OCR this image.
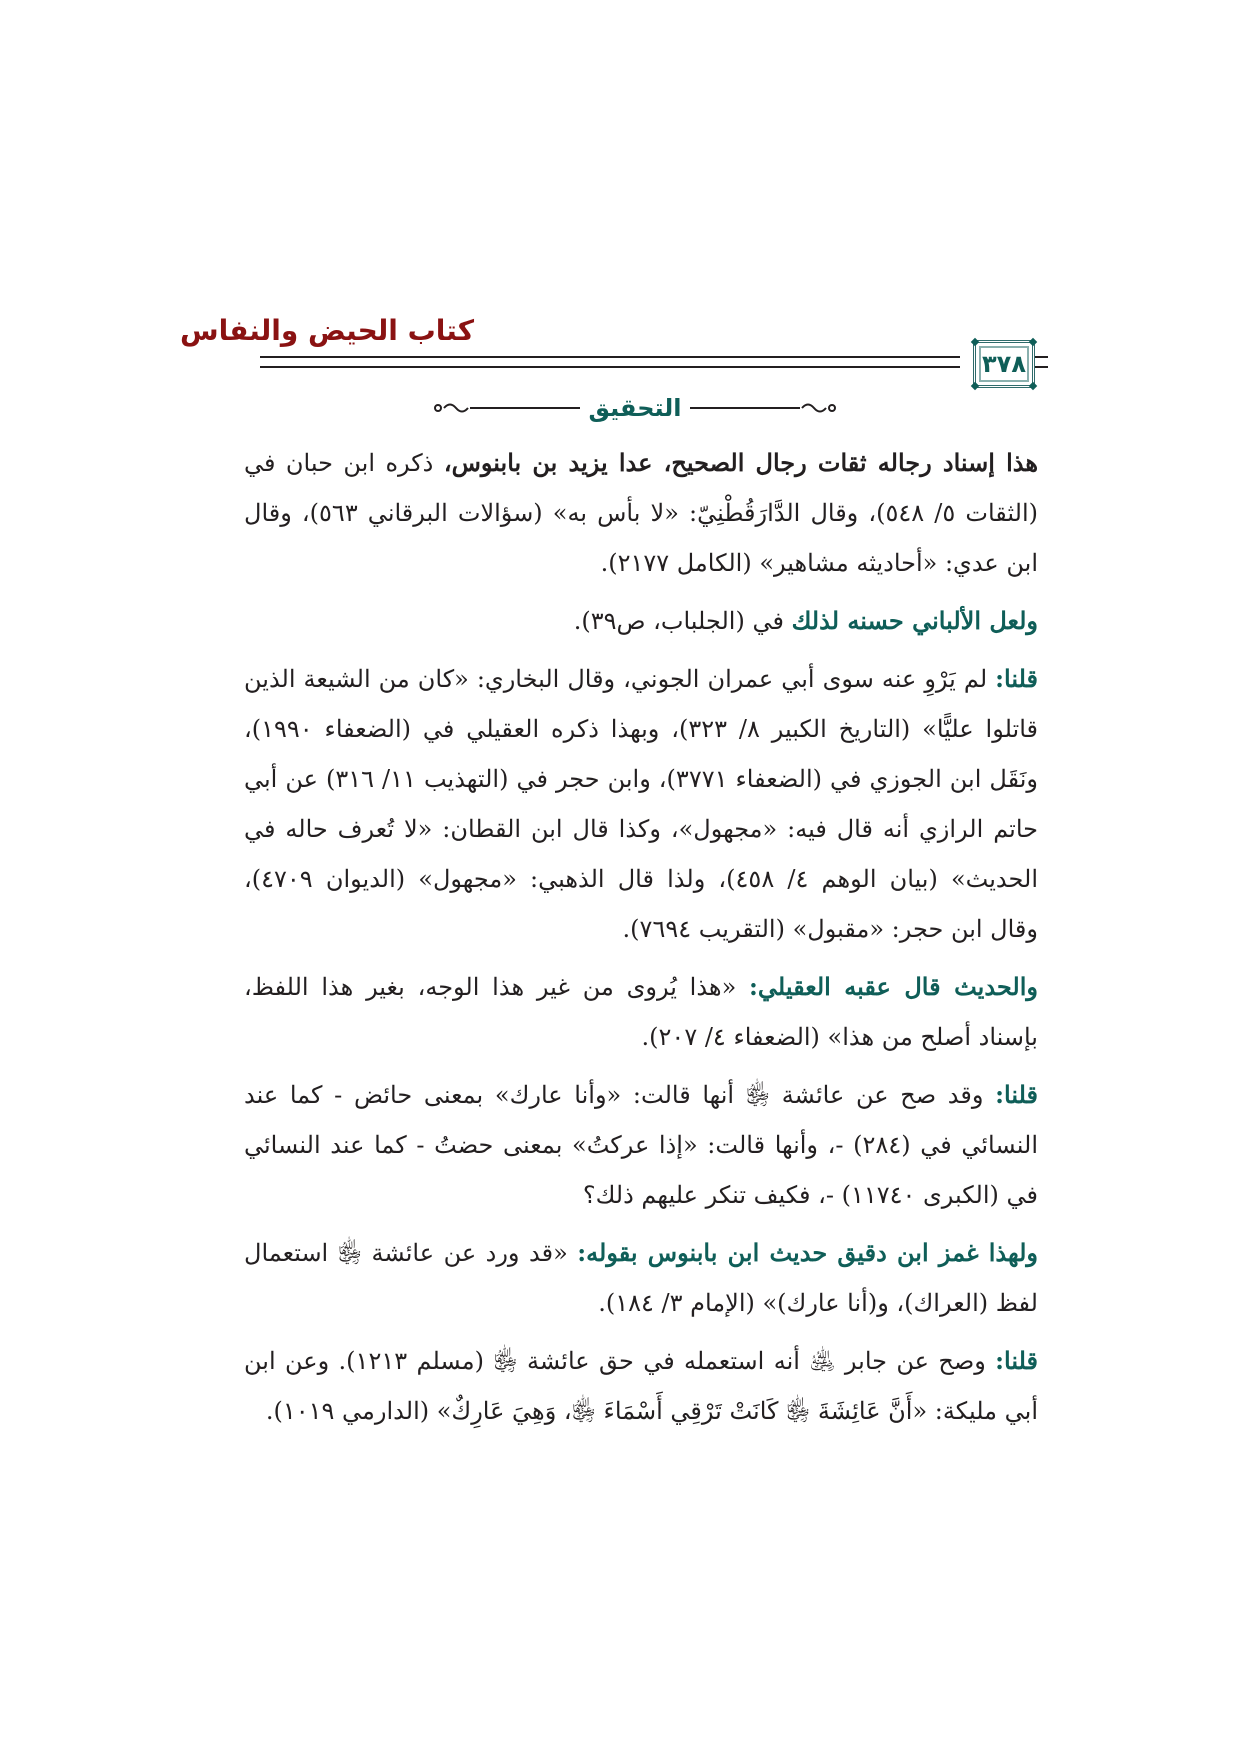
كتاب الحيض والنفاس
٣٧٨
التحقيق

هذا إسناد رجاله ثقات رجال الصحيح، عدا يزيد بن بابنوس، ذكره ابن حبان في (الثقات ٥/ ٥٤٨)، وقال الدَّارَقُطْنِيّ: «لا بأس به» (سؤالات البرقاني ٥٦٣)، وقال ابن عدي: «أحاديثه مشاهير» (الكامل ٢١٧٧).

ولعل الألباني حسنه لذلك في (الجلباب، ص٣٩).

قلنا: لم يَرْوِ عنه سوى أبي عمران الجوني، وقال البخاري: «كان من الشيعة الذين قاتلوا عليًّا» (التاريخ الكبير ٨/ ٣٢٣)، وبهذا ذكره العقيلي في (الضعفاء ١٩٩٠)، ونَقَل ابن الجوزي في (الضعفاء ٣٧٧١)، وابن حجر في (التهذيب ١١/ ٣١٦) عن أبي حاتم الرازي أنه قال فيه: «مجهول»، وكذا قال ابن القطان: «لا تُعرف حاله في الحديث» (بيان الوهم ٤/ ٤٥٨)، ولذا قال الذهبي: «مجهول» (الديوان ٤٧٠٩)، وقال ابن حجر: «مقبول» (التقريب ٧٦٩٤).

والحديث قال عقبه العقيلي: «هذا يُروى من غير هذا الوجه، بغير هذا اللفظ، بإسناد أصلح من هذا» (الضعفاء ٤/ ٢٠٧).

قلنا: وقد صح عن عائشة ﵂ أنها قالت: «وأنا عارك» بمعنى حائض - كما عند النسائي في (٢٨٤) -، وأنها قالت: «إذا عركتُ» بمعنى حضتُ - كما عند النسائي في (الكبرى ١١٧٤٠) -، فكيف تنكر عليهم ذلك؟

ولهذا غمز ابن دقيق حديث ابن بابنوس بقوله: «قد ورد عن عائشة ﵂ استعمال لفظ (العراك)، و(أنا عارك)» (الإمام ٣/ ١٨٤).

قلنا: وصح عن جابر ﵁ أنه استعمله في حق عائشة ﵂ (مسلم ١٢١٣). وعن ابن أبي مليكة: «أَنَّ عَائِشَةَ ﵂ كَانَتْ تَرْقِي أَسْمَاءَ ﵂، وَهِيَ عَارِكٌ» (الدارمي ١٠١٩).
